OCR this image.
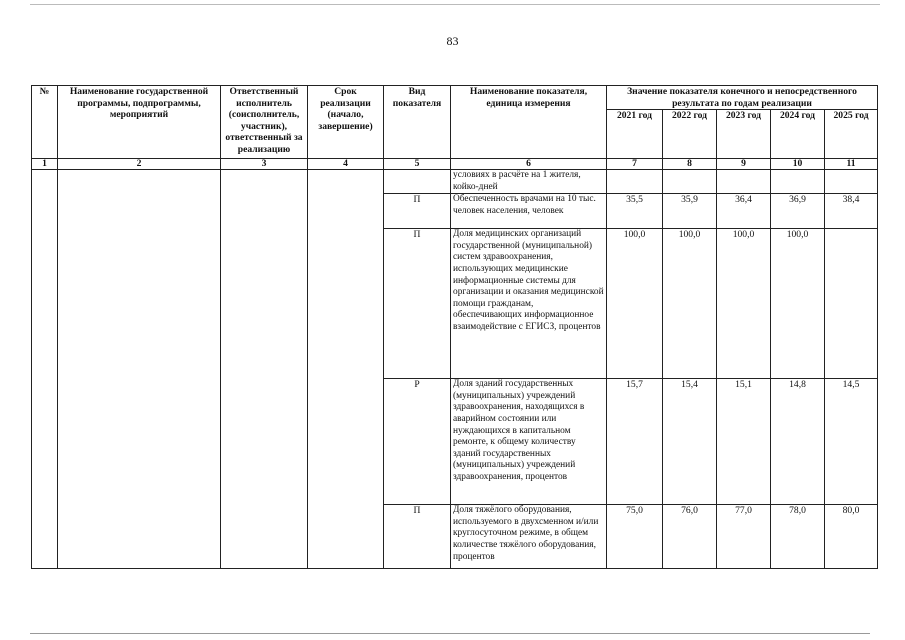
83
№	Наименование государственной программы, подпрограммы, мероприятий	Ответственный исполнитель (соисполнитель, участник), ответственный за реализацию	Срок реализации (начало, завершение)	Вид показателя	Наименование показателя, единица измерения	Значение показателя конечного и непосредственного результата по годам реализации				
						2021 год	2022 год	2023 год	2024 год	2025 год
1	2	3	4	5	6	7	8	9	10	11
					условиях в расчёте на 1 жителя, койко-дней					
				П	Обеспеченность врачами на 10 тыс. человек населения, человек	35,5	35,9	36,4	36,9	38,4
				П	Доля медицинских организаций государственной (муниципальной) систем здравоохранения, использующих медицинские информационные системы для организации и оказания медицинской помощи гражданам, обеспечивающих информационное взаимодействие с ЕГИСЗ, процентов	100,0	100,0	100,0	100,0	
				Р	Доля зданий государственных (муниципальных) учреждений здравоохранения, находящихся в аварийном состоянии или нуждающихся в капитальном ремонте, к общему количеству зданий государственных (муниципальных) учреждений здравоохранения, процентов	15,7	15,4	15,1	14,8	14,5
				П	Доля тяжёлого оборудования, используемого в двухсменном и/или круглосуточном режиме, в общем количестве тяжёлого оборудования, процентов	75,0	76,0	77,0	78,0	80,0
